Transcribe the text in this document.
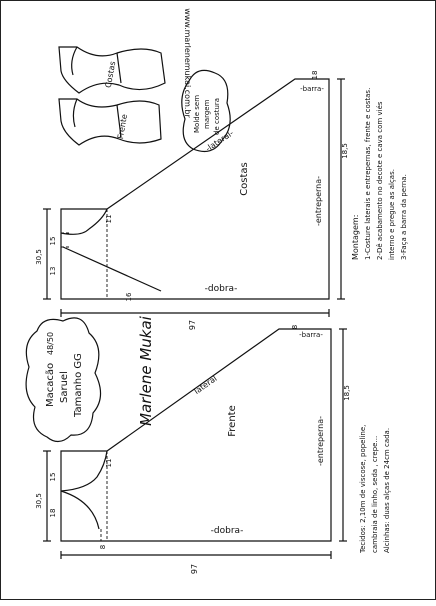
-dobra-
-entreperna-
-lateral-
-barra-
Costas
30,5
15
13
11
16
18,5
18
97
-dobra-
-entreperna-
lateral
-barra-
Frente
30,5
18
15
11
8
18,5
8
97
Macacão Saruel Tamanho GG
48/50	Marlene Mukai
Costas
Frente	Molde sem margem de costura
www.marlenemukai.com.br
Montagem: 1-Costure laterais e entrepernas, frente e costas. 2-Dê acabamento no decote e cava com viés interno e pregue as alças. 3-Faça a barra da perna.
Tecidos: 2,10m de viscose, popeline, cambraia de linho, seda , crepe... Alcinhas: duas alças de 24cm cada.
